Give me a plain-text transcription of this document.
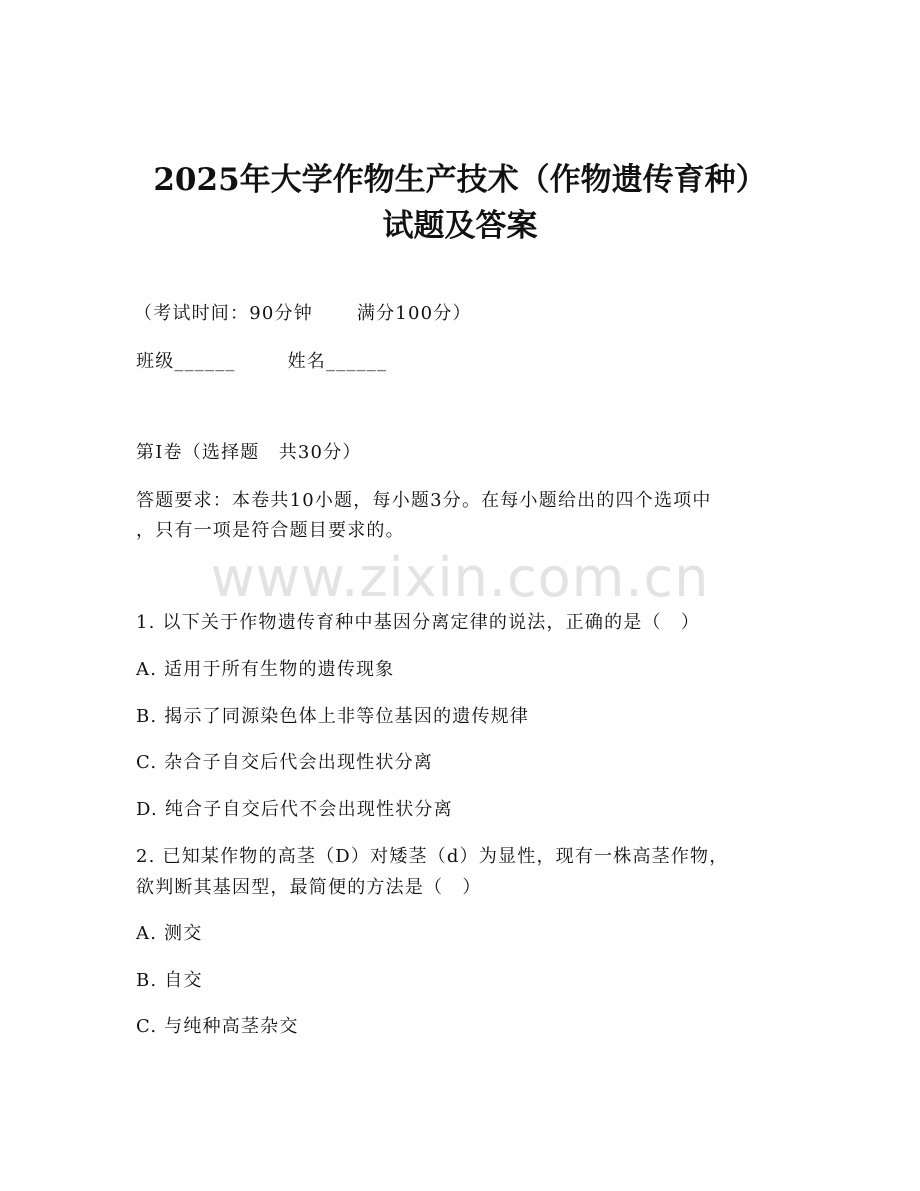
2025年大学作物生产技术（作物遗传育种）
试题及答案
（考试时间：90分钟 满分100分）
班级______	姓名______
第Ⅰ卷（选择题　共30分）
答题要求：本卷共10小题，每小题3分。在每小题给出的四个选项中
，只有一项是符合题目要求的。
www.zixin.com.cn
1. 以下关于作物遗传育种中基因分离定律的说法，正确的是（　）
A. 适用于所有生物的遗传现象
B. 揭示了同源染色体上非等位基因的遗传规律
C. 杂合子自交后代会出现性状分离
D. 纯合子自交后代不会出现性状分离
2. 已知某作物的高茎（D）对矮茎（d）为显性，现有一株高茎作物，
欲判断其基因型，最简便的方法是（　）
A. 测交
B. 自交
C. 与纯种高茎杂交
